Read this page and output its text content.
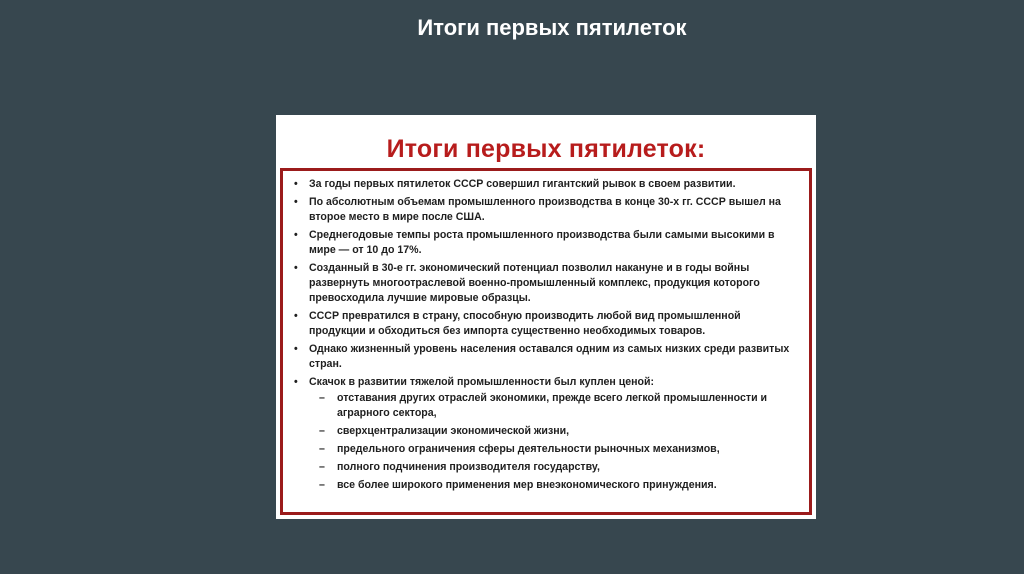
Итоги первых пятилеток
Итоги первых пятилеток:
• За годы первых пятилеток СССР совершил гигантский рывок в своем развитии.
• По абсолютным объемам промышленного производства в конце 30-х гг. СССР вышел на второе место в мире после США.
• Среднегодовые темпы роста промышленного производства были самыми высокими в мире — от 10 до 17%.
• Созданный в 30-е гг. экономический потенциал позволил накануне и в годы войны развернуть многоотраслевой военно-промышленный комплекс, продукция которого превосходила лучшие мировые образцы.
• СССР превратился в страну, способную производить любой вид промышленной продукции и обходиться без импорта существенно необходимых товаров.
• Однако жизненный уровень населения оставался одним из самых низких среди развитых стран.
• Скачок в развитии тяжелой промышленности был куплен ценой:
– отставания других отраслей экономики, прежде всего легкой промышленности и аграрного сектора,
– сверхцентрализации экономической жизни,
– предельного ограничения сферы деятельности рыночных механизмов,
– полного подчинения производителя государству,
– все более широкого применения мер внеэкономического принуждения.
